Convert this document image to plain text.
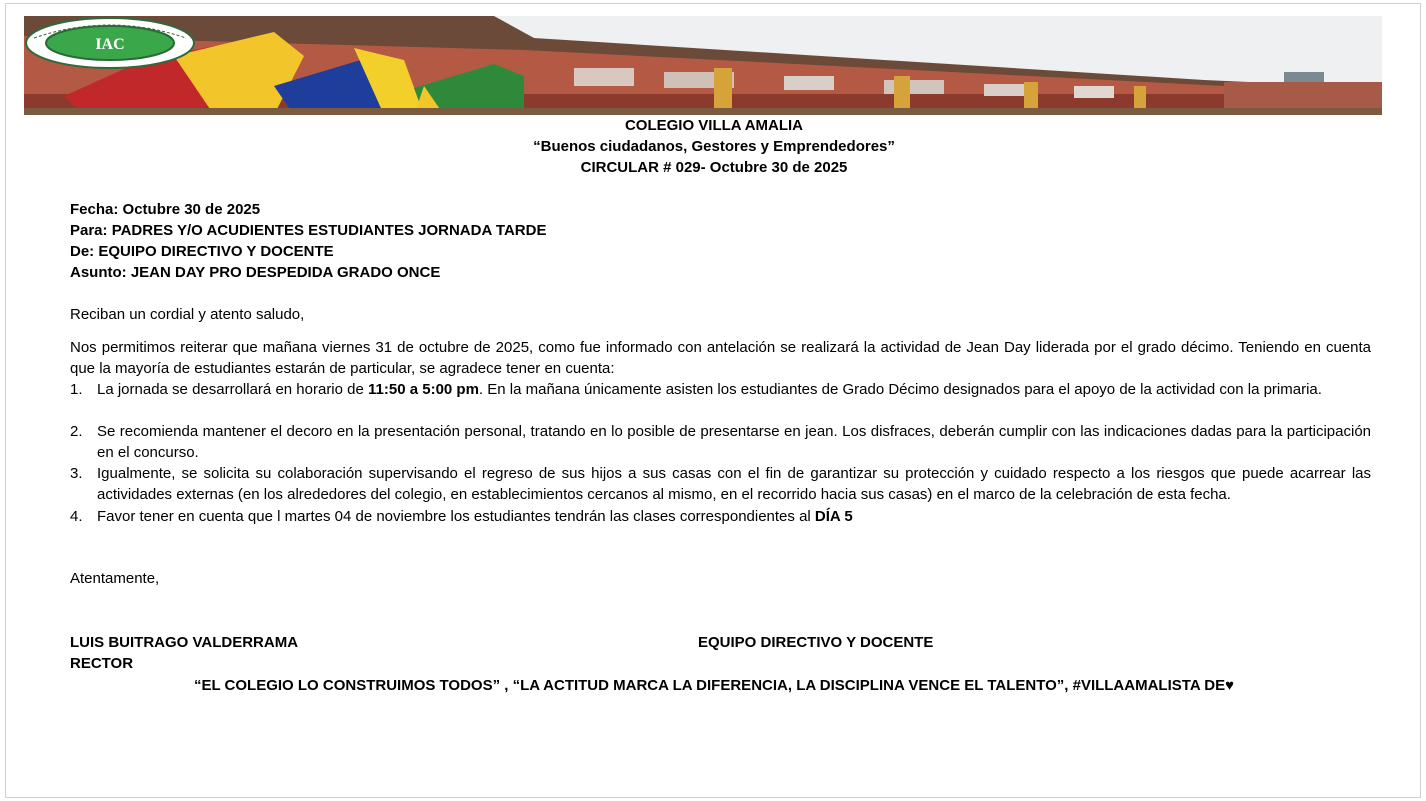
IAC
COLEGIO VILLA AMALIA
“Buenos ciudadanos, Gestores y Emprendedores”
CIRCULAR # 029- Octubre 30 de 2025
Fecha: Octubre 30 de 2025
Para: PADRES Y/O ACUDIENTES ESTUDIANTES JORNADA TARDE
De: EQUIPO DIRECTIVO Y DOCENTE
Asunto: JEAN DAY PRO DESPEDIDA GRADO ONCE
Reciban un cordial y atento saludo,
Nos permitimos reiterar que mañana viernes 31 de octubre de 2025, como fue informado con antelación se realizará la actividad de Jean Day liderada por el grado décimo. Teniendo en cuenta que la mayoría de estudiantes estarán de particular, se agradece tener en cuenta:
1. La jornada se desarrollará en horario de 11:50 a 5:00 pm. En la mañana únicamente asisten los estudiantes de Grado Décimo designados para el apoyo de la actividad con la primaria.
2. Se recomienda mantener el decoro en la presentación personal, tratando en lo posible de presentarse en jean. Los disfraces, deberán cumplir con las indicaciones dadas para la participación en el concurso.
3. Igualmente, se solicita su colaboración supervisando el regreso de sus hijos a sus casas con el fin de garantizar su protección y cuidado respecto a los riesgos que puede acarrear las actividades externas (en los alrededores del colegio, en establecimientos cercanos al mismo, en el recorrido hacia sus casas) en el marco de la celebración de esta fecha.
4. Favor tener en cuenta que l martes 04 de noviembre los estudiantes tendrán las clases correspondientes al DÍA 5
Atentamente,
LUIS BUITRAGO VALDERRAMA
RECTOR
EQUIPO DIRECTIVO Y DOCENTE
“EL COLEGIO LO CONSTRUIMOS TODOS” , “LA ACTITUD MARCA LA DIFERENCIA, LA DISCIPLINA VENCE EL TALENTO”, #VILLAAMALISTA DE♥
